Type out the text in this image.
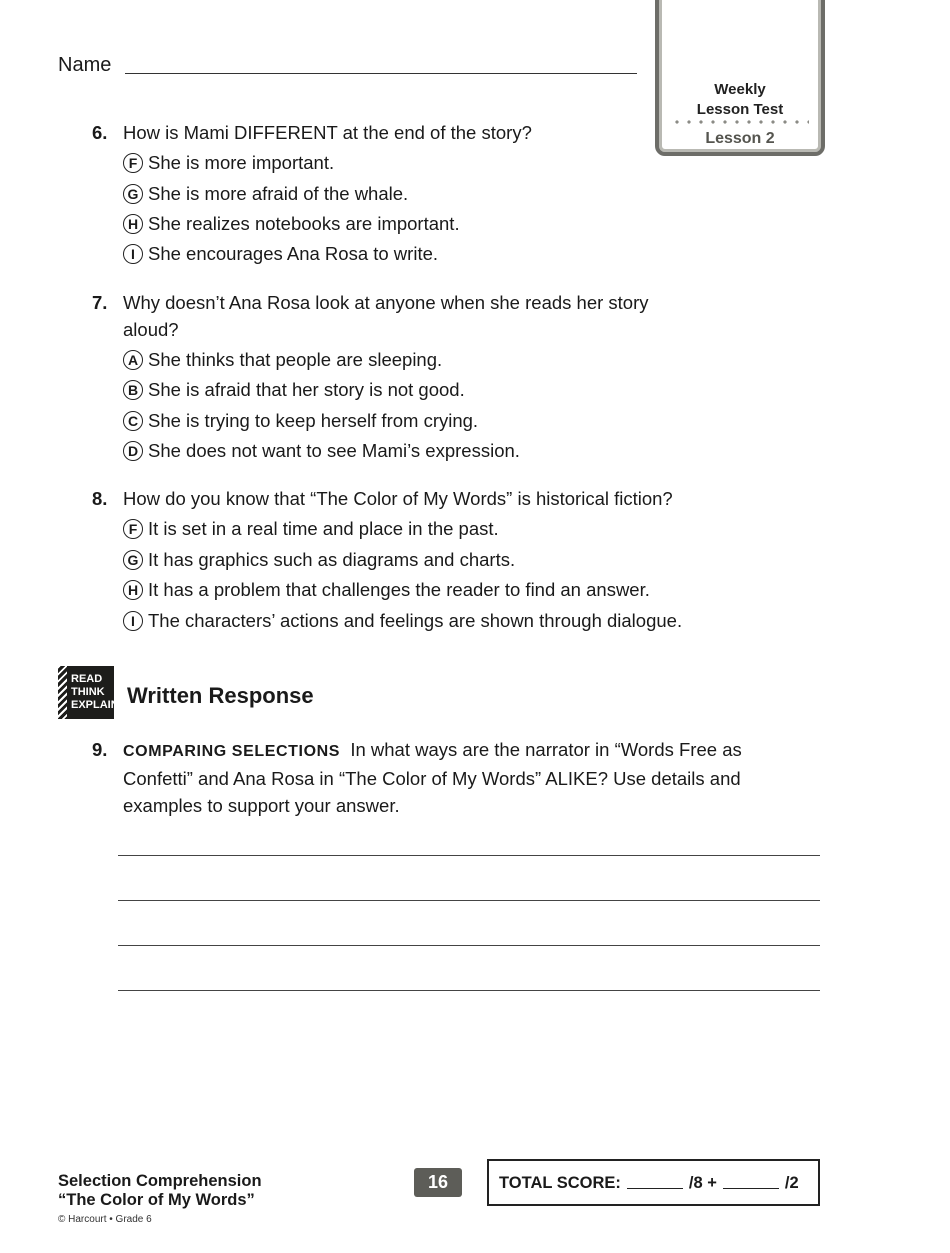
Name
Weekly
Lesson Test
Lesson 2
6. How is Mami DIFFERENT at the end of the story?
F She is more important.
G She is more afraid of the whale.
H She realizes notebooks are important.
I She encourages Ana Rosa to write.
7. Why doesn’t Ana Rosa look at anyone when she reads her story aloud?
A She thinks that people are sleeping.
B She is afraid that her story is not good.
C She is trying to keep herself from crying.
D She does not want to see Mami’s expression.
8. How do you know that “The Color of My Words” is historical fiction?
F It is set in a real time and place in the past.
G It has graphics such as diagrams and charts.
H It has a problem that challenges the reader to find an answer.
I The characters’ actions and feelings are shown through dialogue.
READ
THINK
EXPLAIN Written Response
9. COMPARING SELECTIONS In what ways are the narrator in “Words Free as Confetti” and Ana Rosa in “The Color of My Words” ALIKE? Use details and examples to support your answer.
Selection Comprehension
“The Color of My Words”
© Harcourt • Grade 6
16	TOTAL SCORE:	/8 +	/2
